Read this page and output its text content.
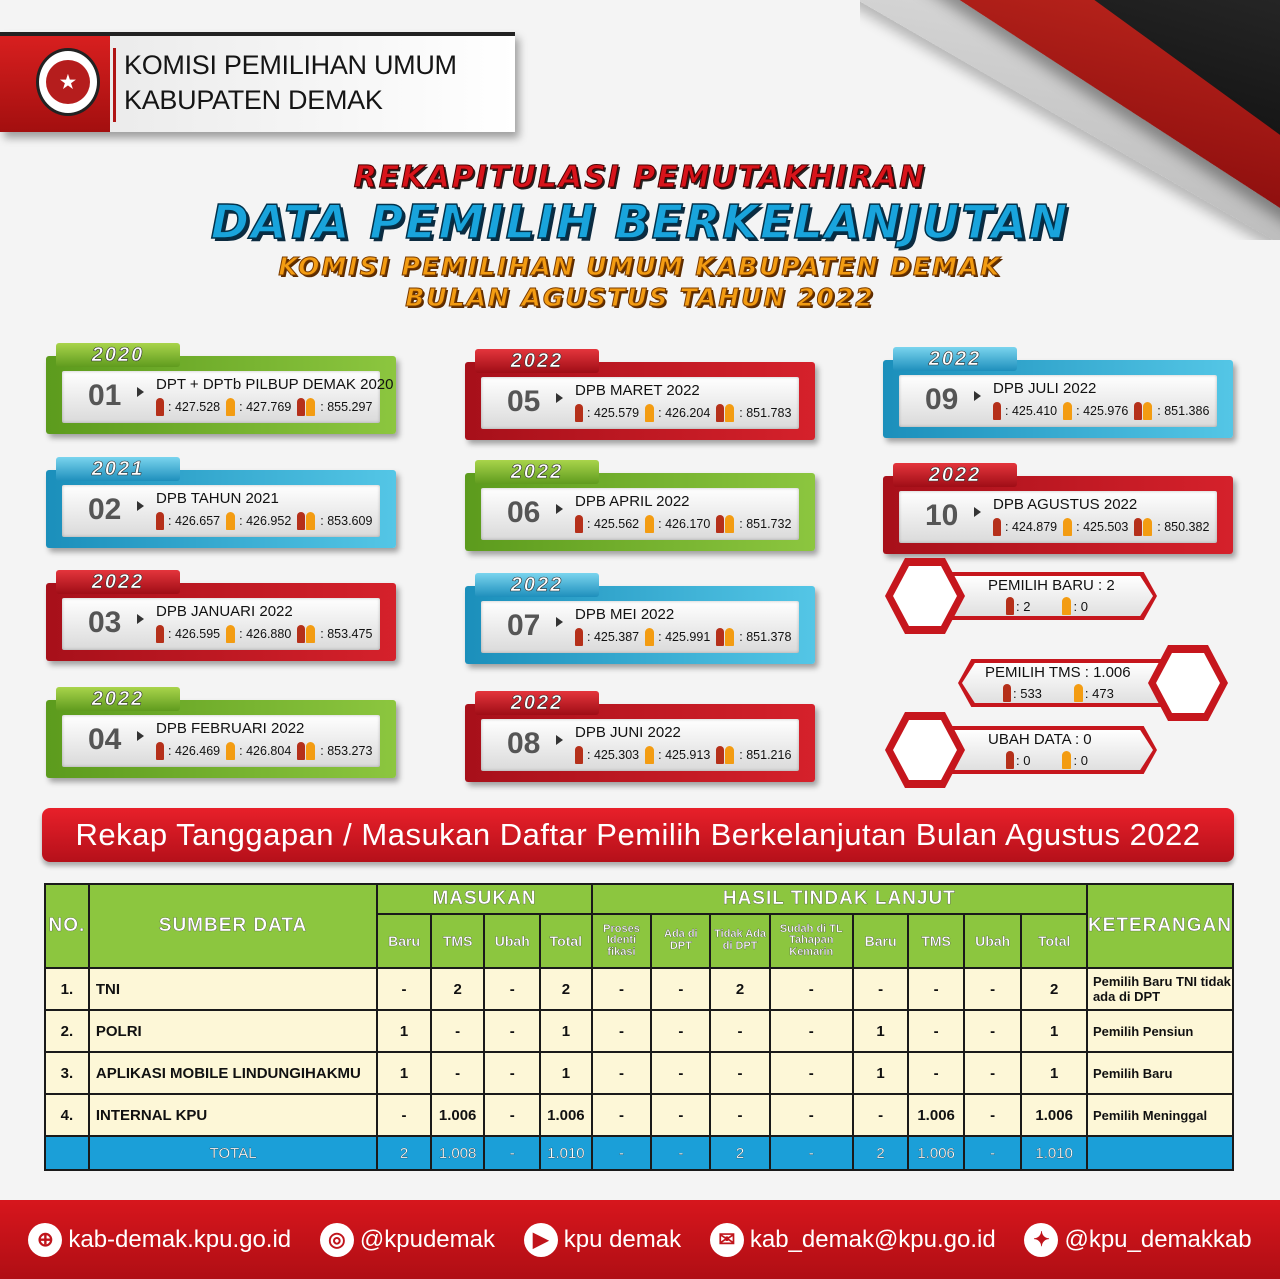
★
KOMISI PEMILIHAN UMUM
KABUPATEN DEMAK
REKAPITULASI PEMUTAKHIRAN
DATA PEMILIH BERKELANJUTAN
KOMISI PEMILIHAN UMUM KABUPATEN DEMAK
BULAN AGUSTUS TAHUN 2022
2020
01 DPT + DPTb PILBUP DEMAK 2020
: 427.528 : 427.769 : 855.297
2021
02 DPB TAHUN 2021
: 426.657 : 426.952 : 853.609
2022
03 DPB JANUARI 2022
: 426.595 : 426.880 : 853.475
2022
04 DPB FEBRUARI 2022
: 426.469 : 426.804 : 853.273
2022
05 DPB MARET 2022
: 425.579 : 426.204 : 851.783
2022
06 DPB APRIL 2022
: 425.562 : 426.170 : 851.732
2022
07 DPB MEI 2022
: 425.387 : 425.991 : 851.378
2022
08 DPB JUNI 2022
: 425.303 : 425.913 : 851.216
2022
09 DPB JULI 2022
: 425.410 : 425.976 : 851.386
2022
10 DPB AGUSTUS 2022
: 424.879 : 425.503 : 850.382
PEMILIH BARU : 2
: 2	: 0
PEMILIH TMS : 1.006
: 533	: 473
UBAH DATA : 0
: 0	: 0
Rekap Tanggapan / Masukan Daftar Pemilih Berkelanjutan Bulan Agustus 2022
NO.	SUMBER DATA	MASUKAN				HASIL TINDAK LANJUT								KETERANGAN
		Baru	TMS	Ubah	Total	Proses Identi fikasi	Ada di DPT	Tidak Ada di DPT	Sudah di TL Tahapan Kemarin	Baru	TMS	Ubah	Total	
1.	TNI	-	2	-	2	-	-	2	-	-	-	-	2	Pemilih Baru TNI tidak ada di DPT
2.	POLRI	1	-	-	1	-	-	-	-	1	-	-	1	Pemilih Pensiun
3.	APLIKASI MOBILE LINDUNGIHAKMU	1	-	-	1	-	-	-	-	1	-	-	1	Pemilih Baru
4.	INTERNAL KPU	-	1.006	-	1.006	-	-	-	-	-	1.006	-	1.006	Pemilih Meninggal
	TOTAL	2	1.008	-	1.010	-	-	2	-	2	1.006	-	1.010	
⊕ kab-demak.kpu.go.id	◎ @kpudemak	▶ kpu demak	✉ kab_demak@kpu.go.id	✦ @kpu_demakkab
